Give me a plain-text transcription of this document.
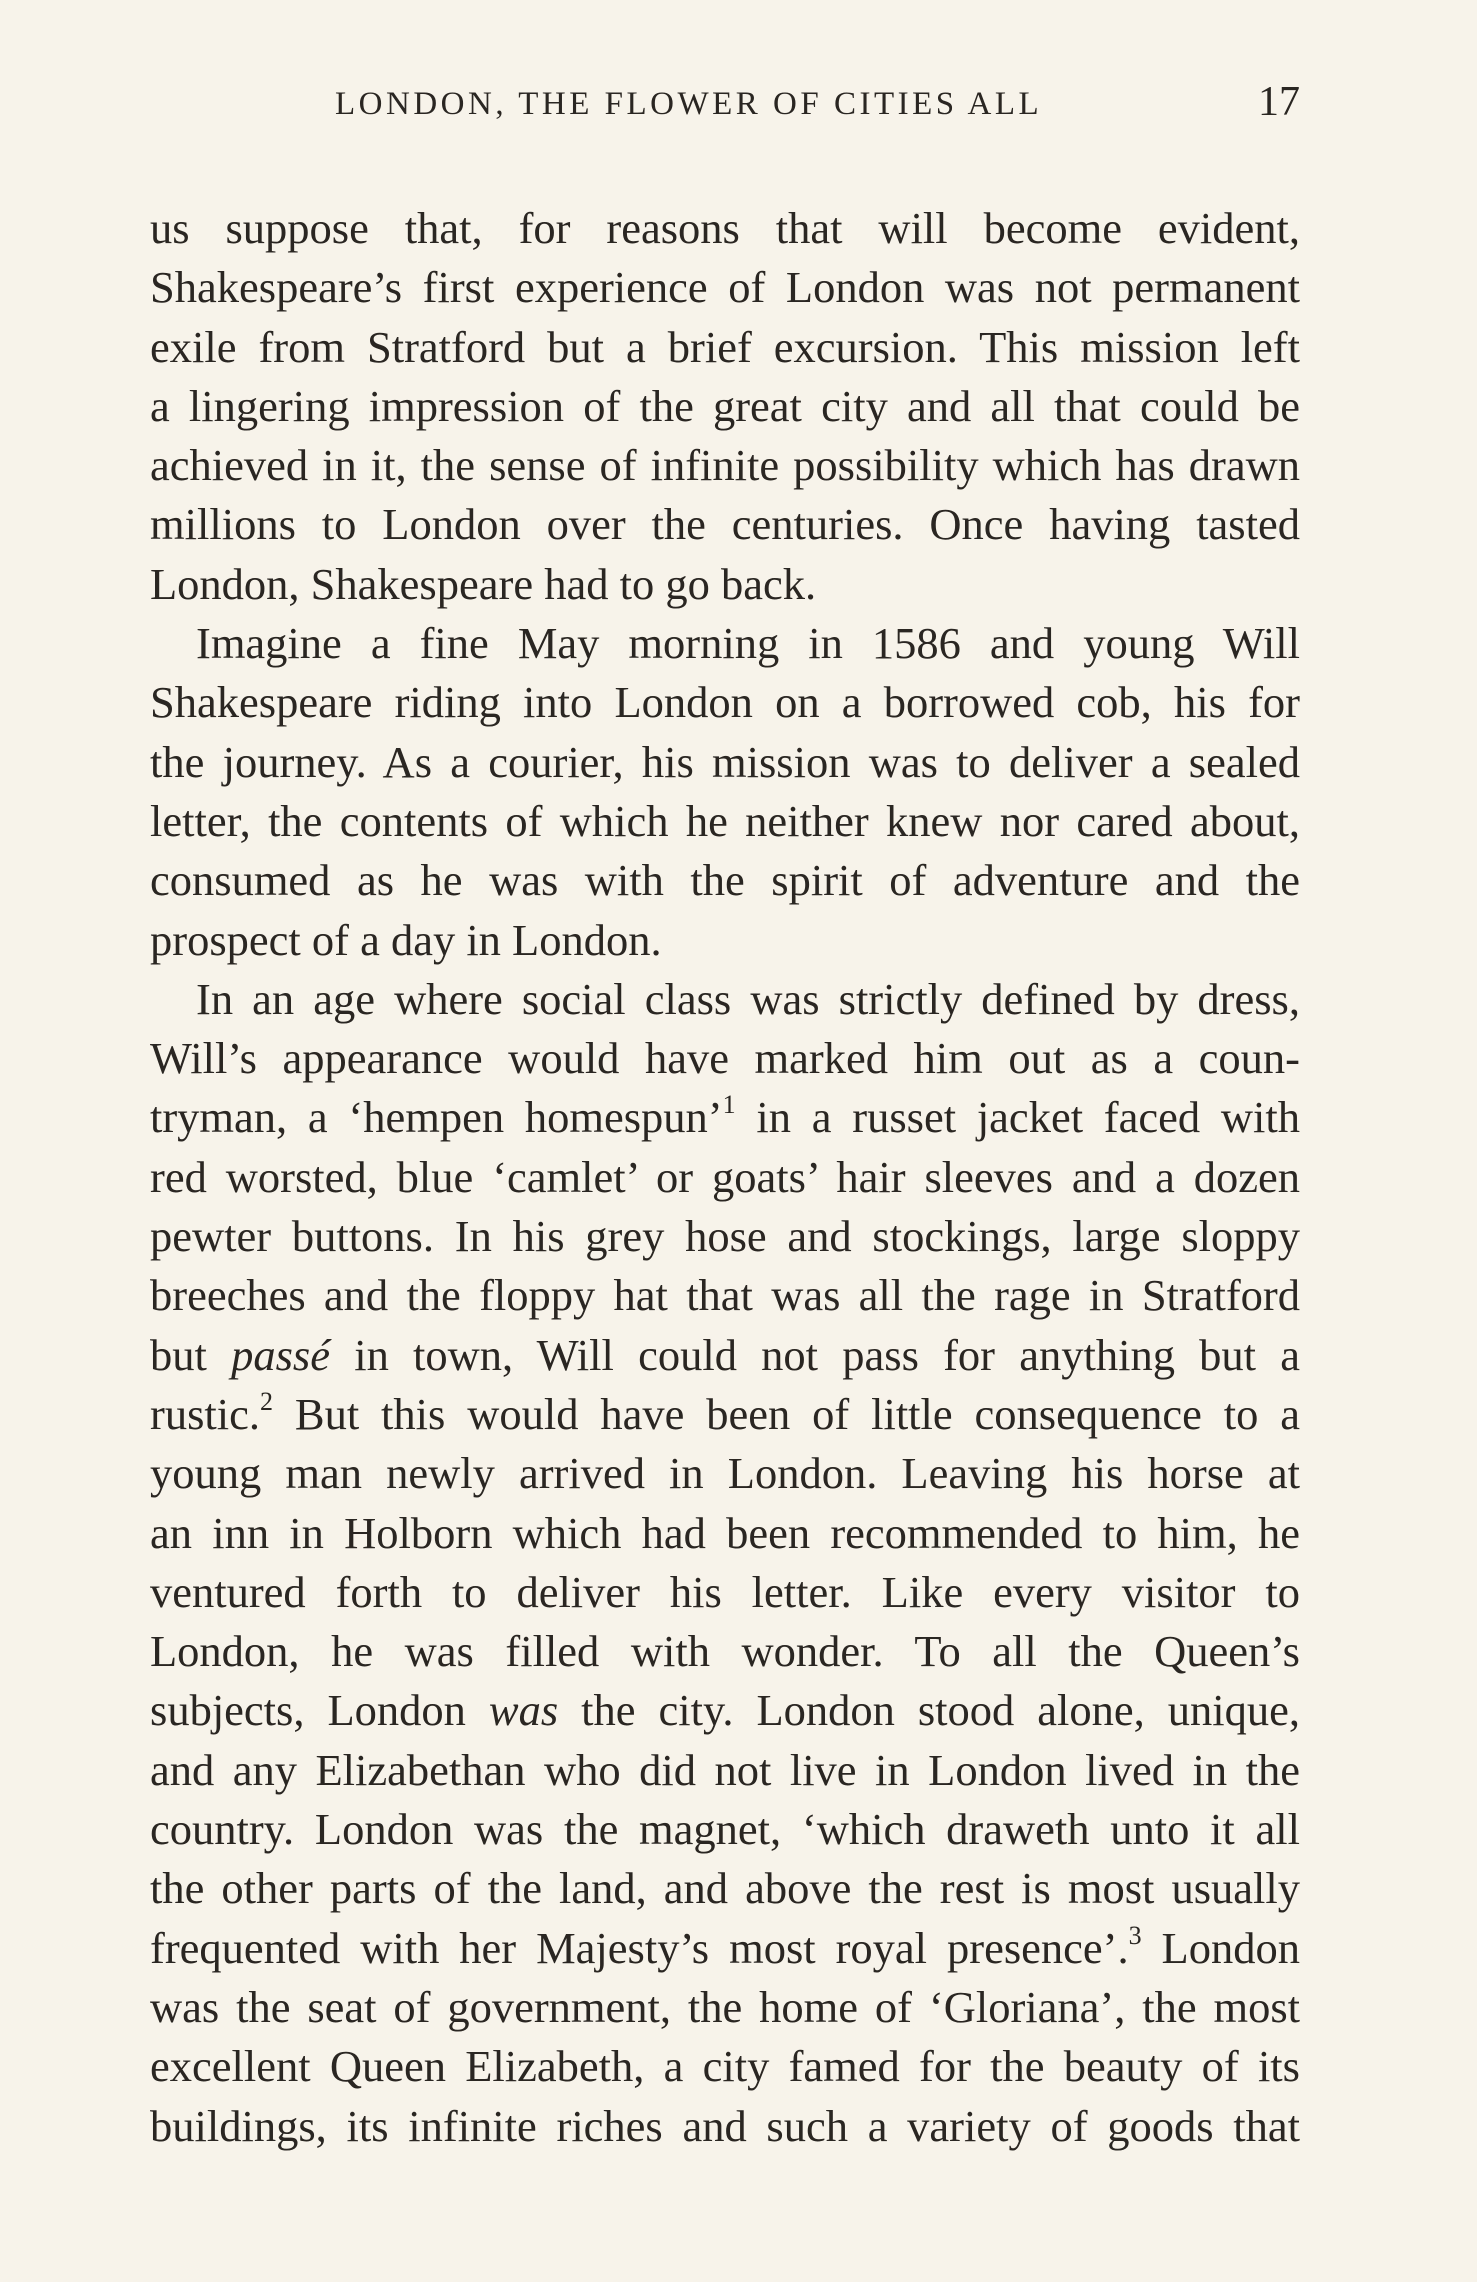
LONDON, THE FLOWER OF CITIES ALL	17
us suppose that, for reasons that will become evident,
Shakespeare’s first experience of London was not permanent
exile from Stratford but a brief excursion. This mission left
a lingering impression of the great city and all that could be
achieved in it, the sense of infinite possibility which has drawn
millions to London over the centuries. Once having tasted
London, Shakespeare had to go back.
Imagine a fine May morning in 1586 and young Will
Shakespeare riding into London on a borrowed cob, his for
the journey. As a courier, his mission was to deliver a sealed
letter, the contents of which he neither knew nor cared about,
consumed as he was with the spirit of adventure and the
prospect of a day in London.
In an age where social class was strictly defined by dress,
Will’s appearance would have marked him out as a coun-
tryman, a ‘hempen homespun’$^1$ in a russet jacket faced with
red worsted, blue ‘camlet’ or goats’ hair sleeves and a dozen
pewter buttons. In his grey hose and stockings, large sloppy
breeches and the floppy hat that was all the rage in Stratford
but passé in town, Will could not pass for anything but a
rustic.$^2$ But this would have been of little consequence to a
young man newly arrived in London. Leaving his horse at
an inn in Holborn which had been recommended to him, he
ventured forth to deliver his letter. Like every visitor to
London, he was filled with wonder. To all the Queen’s
subjects, London was the city. London stood alone, unique,
and any Elizabethan who did not live in London lived in the
country. London was the magnet, ‘which draweth unto it all
the other parts of the land, and above the rest is most usually
frequented with her Majesty’s most royal presence’.$^3$ London
was the seat of government, the home of ‘Gloriana’, the most
excellent Queen Elizabeth, a city famed for the beauty of its
buildings, its infinite riches and such a variety of goods that
